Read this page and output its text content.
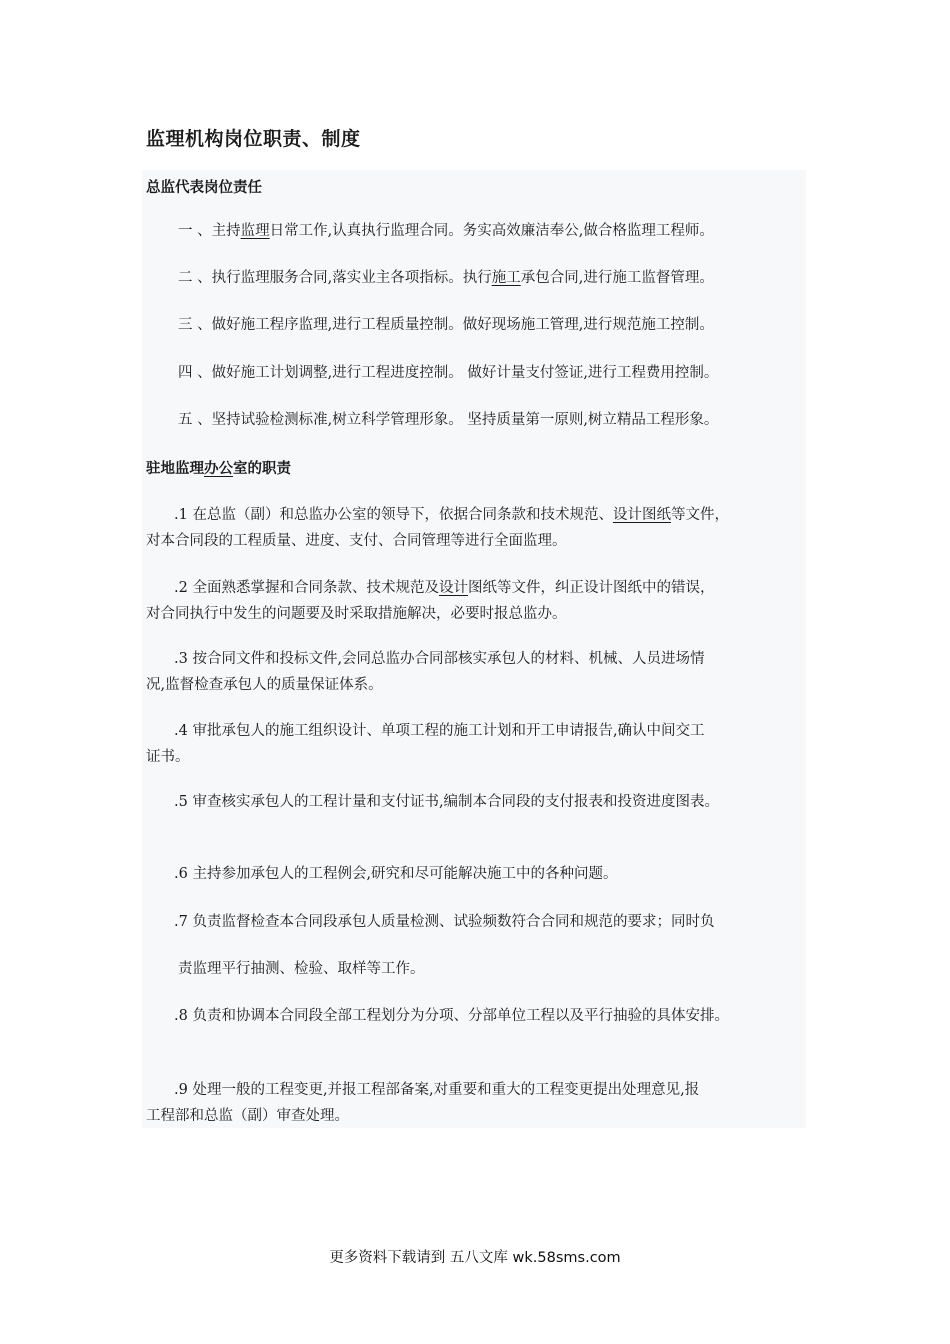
监理机构岗位职责、制度
总监代表岗位责任

一 、主持监理日常工作,认真执行监理合同。务实高效廉洁奉公,做合格监理工程师。

二 、执行监理服务合同,落实业主各项指标。执行施工承包合同,进行施工监督管理。

三 、做好施工程序监理,进行工程质量控制。做好现场施工管理,进行规范施工控制。

四 、做好施工计划调整,进行工程进度控制。 做好计量支付签证,进行工程费用控制。

五 、坚持试验检测标准,树立科学管理形象。 坚持质量第一原则,树立精品工程形象。

驻地监理办公室的职责

.1 在总监（副）和总监办公室的领导下，依据合同条款和技术规范、设计图纸等文件，

对本合同段的工程质量、进度、支付、合同管理等进行全面监理。

.2 全面熟悉掌握和合同条款、技术规范及设计图纸等文件，纠正设计图纸中的错误，

对合同执行中发生的问题要及时采取措施解决，必要时报总监办。

.3 按合同文件和投标文件,会同总监办合同部核实承包人的材料、机械、人员进场情

况,监督检查承包人的质量保证体系。

.4 审批承包人的施工组织设计、单项工程的施工计划和开工申请报告,确认中间交工

证书。

.5 审查核实承包人的工程计量和支付证书,编制本合同段的支付报表和投资进度图表。

.6 主持参加承包人的工程例会,研究和尽可能解决施工中的各种问题。

.7 负责监督检查本合同段承包人质量检测、试验频数符合合同和规范的要求；同时负

责监理平行抽测、检验、取样等工作。

.8 负责和协调本合同段全部工程划分为分项、分部单位工程以及平行抽验的具体安排。

.9 处理一般的工程变更,并报工程部备案,对重要和重大的工程变更提出处理意见,报

工程部和总监（副）审查处理。

更多资料下载请到 五八文库 wk.58sms.com
